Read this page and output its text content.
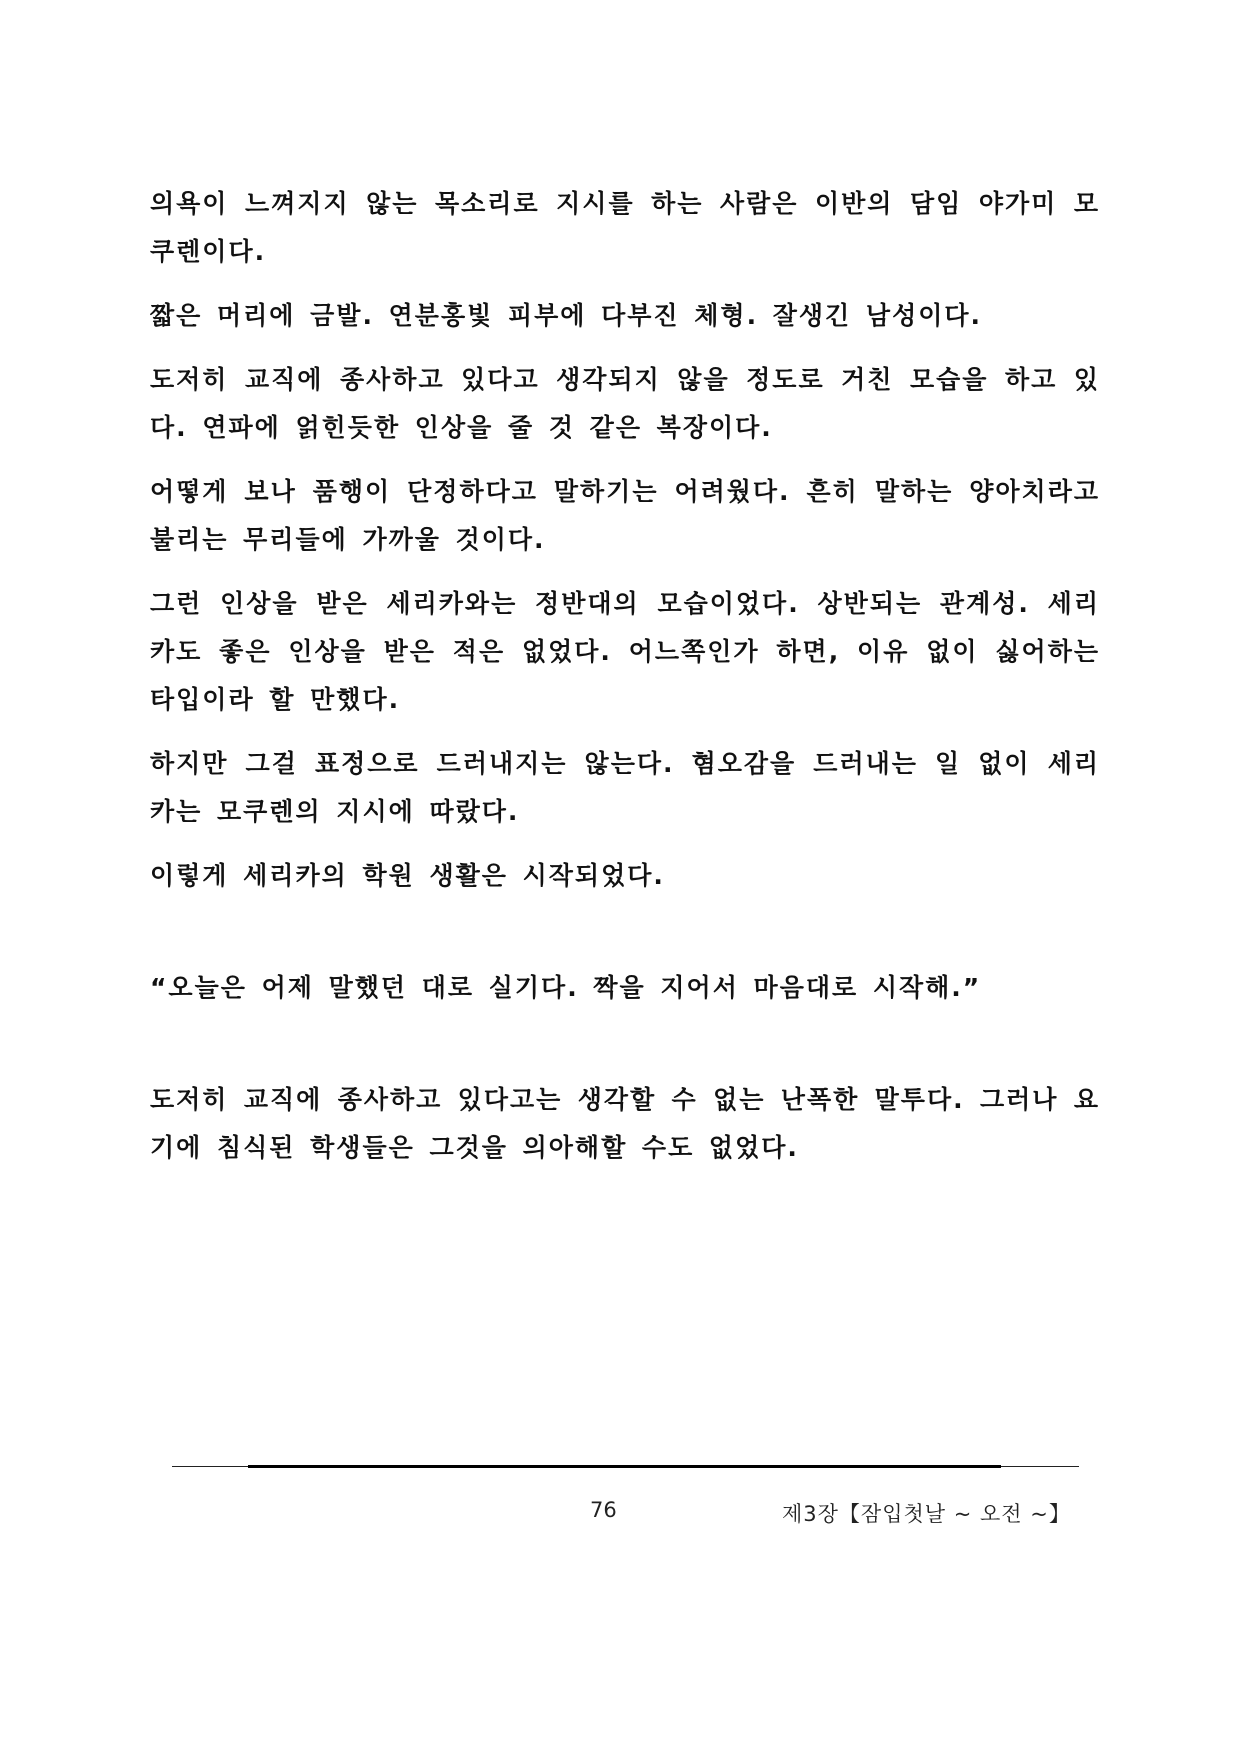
의욕이 느껴지지 않는 목소리로 지시를 하는 사람은 이반의 담임 야가미 모쿠렌이다.

짧은 머리에 금발. 연분홍빛 피부에 다부진 체형. 잘생긴 남성이다.

도저히 교직에 종사하고 있다고 생각되지 않을 정도로 거친 모습을 하고 있다. 연파에 얽힌듯한 인상을 줄 것 같은 복장이다.

어떻게 보나 품행이 단정하다고 말하기는 어려웠다. 흔히 말하는 양아치라고 불리는 무리들에 가까울 것이다.

그런 인상을 받은 세리카와는 정반대의 모습이었다. 상반되는 관계성. 세리카도 좋은 인상을 받은 적은 없었다. 어느쪽인가 하면, 이유 없이 싫어하는 타입이라 할 만했다.

하지만 그걸 표정으로 드러내지는 않는다. 혐오감을 드러내는 일 없이 세리카는 모쿠렌의 지시에 따랐다.

이렇게 세리카의 학원 생활은 시작되었다.

“오늘은 어제 말했던 대로 실기다. 짝을 지어서 마음대로 시작해.”

도저히 교직에 종사하고 있다고는 생각할 수 없는 난폭한 말투다. 그러나 요기에 침식된 학생들은 그것을 의아해할 수도 없었다.

76	제3장【잠입첫날 ~ 오전 ~】
